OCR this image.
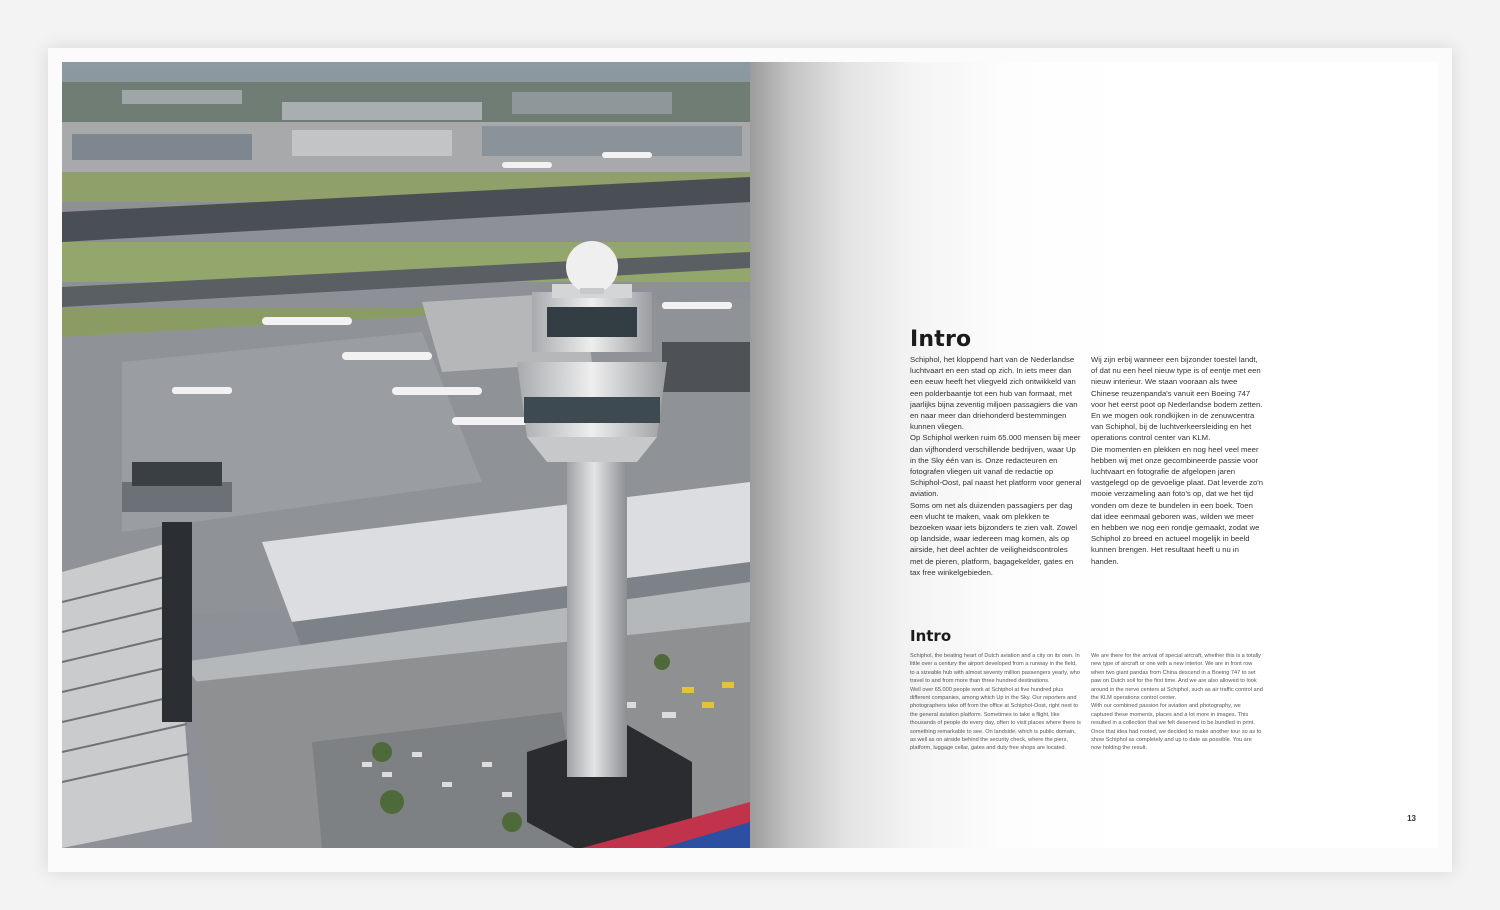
Intro

Schiphol, het kloppend hart van de Nederlandse luchtvaart en een stad op zich. In iets meer dan een eeuw heeft het vliegveld zich ontwikkeld van een polderbaantje tot een hub van formaat, met jaarlijks bijna zeventig miljoen passagiers die van en naar meer dan driehonderd bestemmingen kunnen vliegen.

Op Schiphol werken ruim 65.000 mensen bij meer dan vijfhonderd verschillende bedrijven, waar Up in the Sky één van is. Onze redacteuren en fotografen vliegen uit vanaf de redactie op Schiphol-Oost, pal naast het platform voor general aviation.

Soms om net als duizenden passagiers per dag een vlucht te maken, vaak om plekken te bezoeken waar iets bijzonders te zien valt. Zowel op landside, waar iedereen mag komen, als op airside, het deel achter de veiligheidscontroles met de pieren, platform, bagagekelder, gates en tax free winkelgebieden.

Wij zijn erbij wanneer een bijzonder toestel landt, of dat nu een heel nieuw type is of eentje met een nieuw interieur. We staan vooraan als twee Chinese reuzenpanda's vanuit een Boeing 747 voor het eerst poot op Nederlandse bodem zetten. En we mogen ook rondkijken in de zenuwcentra van Schiphol, bij de luchtverkeersleiding en het operations control center van KLM.

Die momenten en plekken en nog heel veel meer hebben wij met onze gecombineerde passie voor luchtvaart en fotografie de afgelopen jaren vastgelegd op de gevoelige plaat. Dat leverde zo'n mooie verzameling aan foto's op, dat we het tijd vonden om deze te bundelen in een boek. Toen dat idee eenmaal geboren was, wilden we meer en hebben we nog een rondje gemaakt, zodat we Schiphol zo breed en actueel mogelijk in beeld kunnen brengen. Het resultaat heeft u nu in handen.

Intro

Schiphol, the beating heart of Dutch aviation and a city on its own. In little over a century the airport developed from a runway in the field, to a sizeable hub with almost seventy million passengers yearly, who travel to and from more than three hundred destinations.

Well over 65.000 people work at Schiphol at five hundred plus different companies, among which Up in the Sky. Our reporters and photographers take off from the office at Schiphol-Oost, right next to the general aviation platform. Sometimes to take a flight, like thousands of people do every day, often to visit places where there is something remarkable to see. On landside, which is public domain, as well as on airside behind the security check, where the piers, platform, luggage cellar, gates and duty free shops are located.

We are there for the arrival of special aircraft, whether this is a totally new type of aircraft or one with a new interior. We are in front row when two giant pandas from China descend in a Boeing 747 to set paw on Dutch soil for the first time. And we are also allowed to look around in the nerve centers at Schiphol, such as air traffic control and the KLM operations control center.

With our combined passion for aviation and photography, we captured these moments, places and a lot more in images. This resulted in a collection that we felt deserved to be bundled in print.

Once that idea had rooted, we decided to make another tour so as to show Schiphol as completely and up to date as possible. You are now holding the result.

13
